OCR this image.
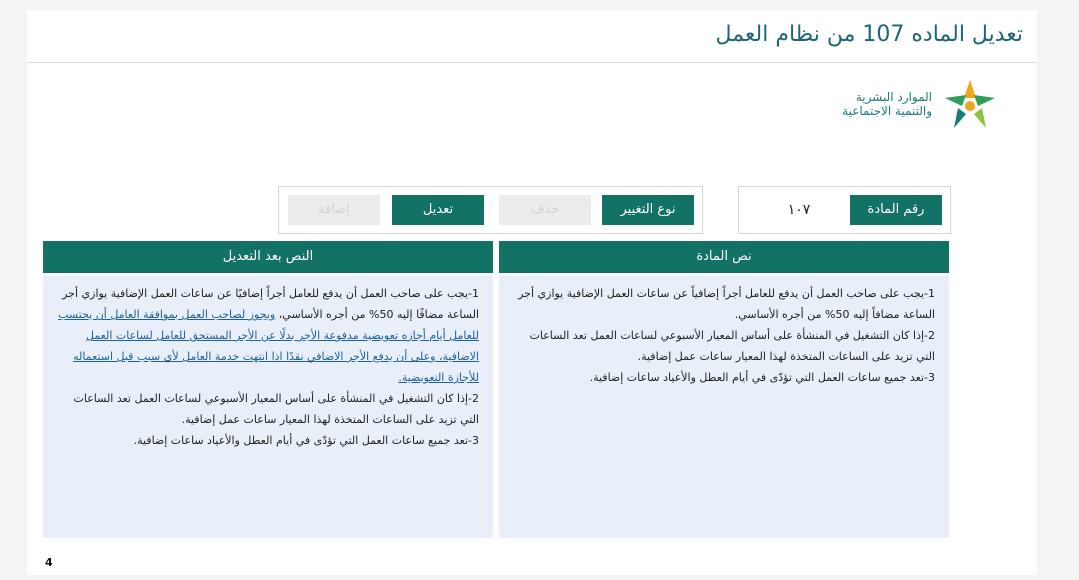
تعديل الماده 107 من نظام العمل
الموارد البشرية
والتنمية الاجتماعية
رقم المادة
١٠٧
نوع التغيير
حذف
تعديل
إضافة
نص المادة

1-يجب على صاحب العمل أن يدفع للعامل أجراً إضافياً عن ساعات العمل الإضافية يوازي أجر الساعة مضافاً إليه 50% من أجره الأساسي.

2-إذا كان التشغيل في المنشأة على أساس المعيار الأسبوعي لساعات العمل تعد الساعات التي تزيد على الساعات المتخذة لهذا المعيار ساعات عمل إضافية.

3-تعد جميع ساعات العمل التي تؤدّى في أيام العطل والأعياد ساعات إضافية.

النص بعد التعديل

1-يجب على صاحب العمل أن يدفع للعامل أجراً إضافيًا عن ساعات العمل الإضافية يوازي أجر الساعة مضافًا إليه 50% من أجره الأساسي، ويجوز لصاحب العمل بموافقة العامل أن يحتسب للعامل أيام أجازه تعويضية مدفوعة الأجر بدلًا عن الأجر المستحق للعامل لساعات العمل الاضافية، وعلى أن يدفع الأجر الاضافي نقدًا اذا انتهت خدمة العامل لأي سبب قبل استعماله للأجازة التعويضية.

2-إذا كان التشغيل في المنشأة على أساس المعيار الأسبوعي لساعات العمل تعد الساعات التي تزيد على الساعات المتخذة لهذا المعيار ساعات عمل إضافية.

3-تعد جميع ساعات العمل التي تؤدّى في أيام العطل والأعياد ساعات إضافية.

4
